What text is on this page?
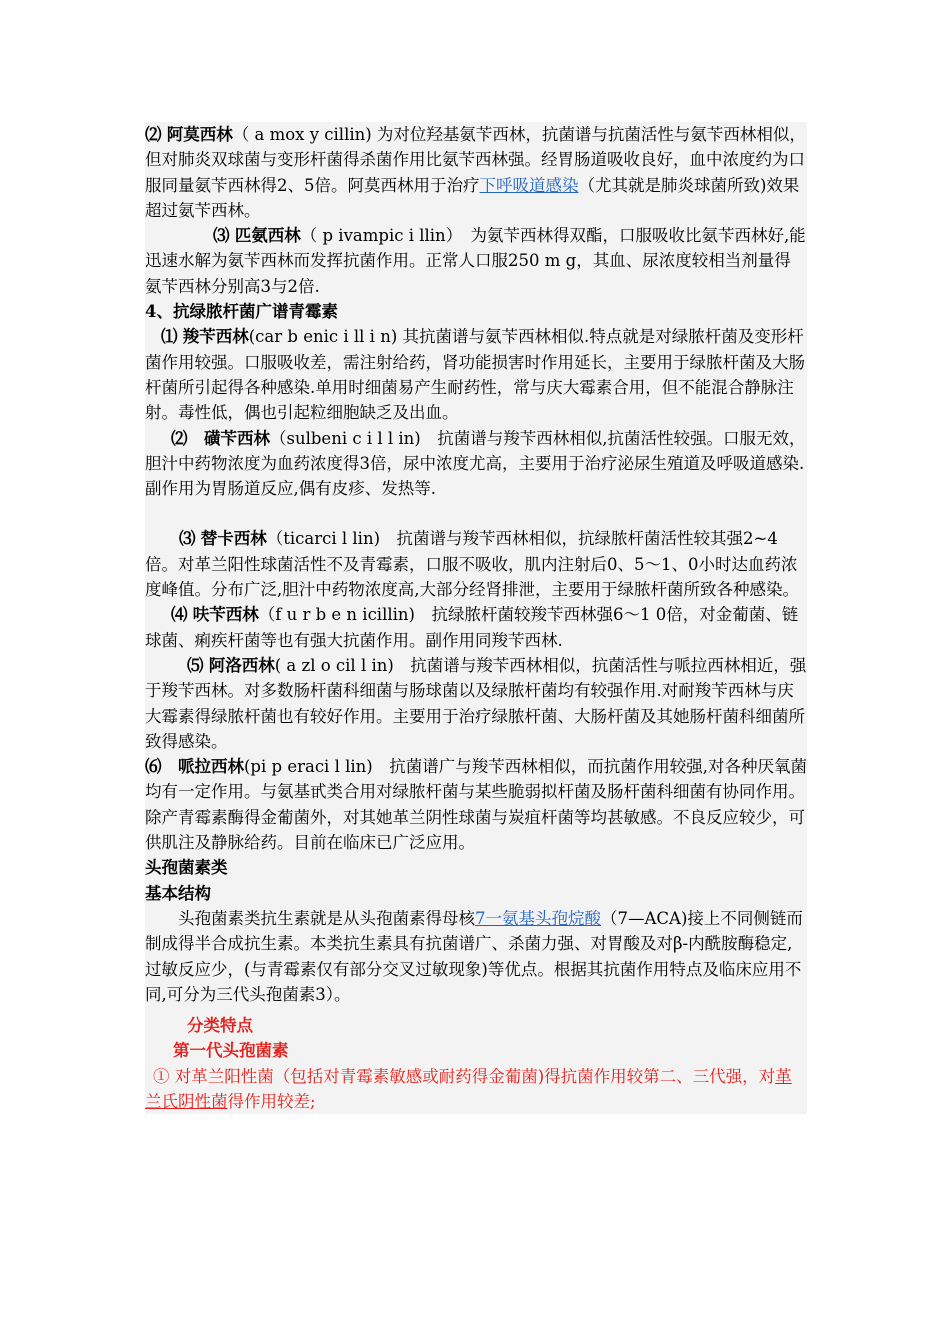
⑵ 阿莫西林（ a mox y cillin) 为对位羟基氨苄西林，抗菌谱与抗菌活性与氨苄西林相似，但对肺炎双球菌与变形杆菌得杀菌作用比氨苄西林强。经胃肠道吸收良好，血中浓度约为口服同量氨苄西林得2、5倍。阿莫西林用于治疗下呼吸道感染（尤其就是肺炎球菌所致)效果超过氨苄西林。

⑶ 匹氨西林（ p ivampic i llin）　为氨苄西林得双酯，口服吸收比氨苄西林好,能迅速水解为氨苄西林而发挥抗菌作用。正常人口服250 m g，其血、尿浓度较相当剂量得氨苄西林分别高3与2倍.

4、抗绿脓杆菌广谱青霉素

⑴ 羧苄西林(car b enic i ll i n) 其抗菌谱与氨苄西林相似.特点就是对绿脓杆菌及变形杆菌作用较强。口服吸收差，需注射给药，肾功能损害时作用延长，主要用于绿脓杆菌及大肠杆菌所引起得各种感染.单用时细菌易产生耐药性，常与庆大霉素合用，但不能混合静脉注射。毒性低，偶也引起粒细胞缺乏及出血。

⑵　 磺苄西林（sulbeni c i l l in)　抗菌谱与羧苄西林相似,抗菌活性较强。口服无效，胆汁中药物浓度为血药浓度得3倍，尿中浓度尤高，主要用于治疗泌尿生殖道及呼吸道感染.副作用为胃肠道反应,偶有皮疹、发热等.

⑶ 替卡西林（ticarci l lin)　抗菌谱与羧苄西林相似，抗绿脓杆菌活性较其强2~4倍。对革兰阳性球菌活性不及青霉素，口服不吸收，肌内注射后0、5～1、0小时达血药浓度峰值。分布广泛,胆汁中药物浓度高,大部分经肾排泄，主要用于绿脓杆菌所致各种感染。

⑷ 呋苄西林（f u r b e n icillin)　抗绿脓杆菌较羧苄西林强6～1 0倍，对金葡菌、链球菌、痢疾杆菌等也有强大抗菌作用。副作用同羧苄西林.

⑸ 阿洛西林( a zl o cil l in)　抗菌谱与羧苄西林相似，抗菌活性与哌拉西林相近，强于羧苄西林。对多数肠杆菌科细菌与肠球菌以及绿脓杆菌均有较强作用.对耐羧苄西林与庆大霉素得绿脓杆菌也有较好作用。主要用于治疗绿脓杆菌、大肠杆菌及其她肠杆菌科细菌所致得感染。

⑹　 哌拉西林(pi p eraci l lin)　抗菌谱广与羧苄西林相似，而抗菌作用较强,对各种厌氧菌均有一定作用。与氨基甙类合用对绿脓杆菌与某些脆弱拟杆菌及肠杆菌科细菌有协同作用。除产青霉素酶得金葡菌外，对其她革兰阴性球菌与炭疽杆菌等均甚敏感。不良反应较少，可供肌注及静脉给药。目前在临床已广泛应用。

头孢菌素类

基本结构

头孢菌素类抗生素就是从头孢菌素得母核7一氨基头孢烷酸（7—ACA)接上不同侧链而制成得半合成抗生素。本类抗生素具有抗菌谱广、杀菌力强、对胃酸及对β-内酰胺酶稳定,过敏反应少，(与青霉素仅有部分交叉过敏现象)等优点。根据其抗菌作用特点及临床应用不同,可分为三代头孢菌素3）。

分类特点

第一代头孢菌素

① 对革兰阳性菌（包括对青霉素敏感或耐药得金葡菌)得抗菌作用较第二、三代强，对革兰氏阴性菌得作用较差;
